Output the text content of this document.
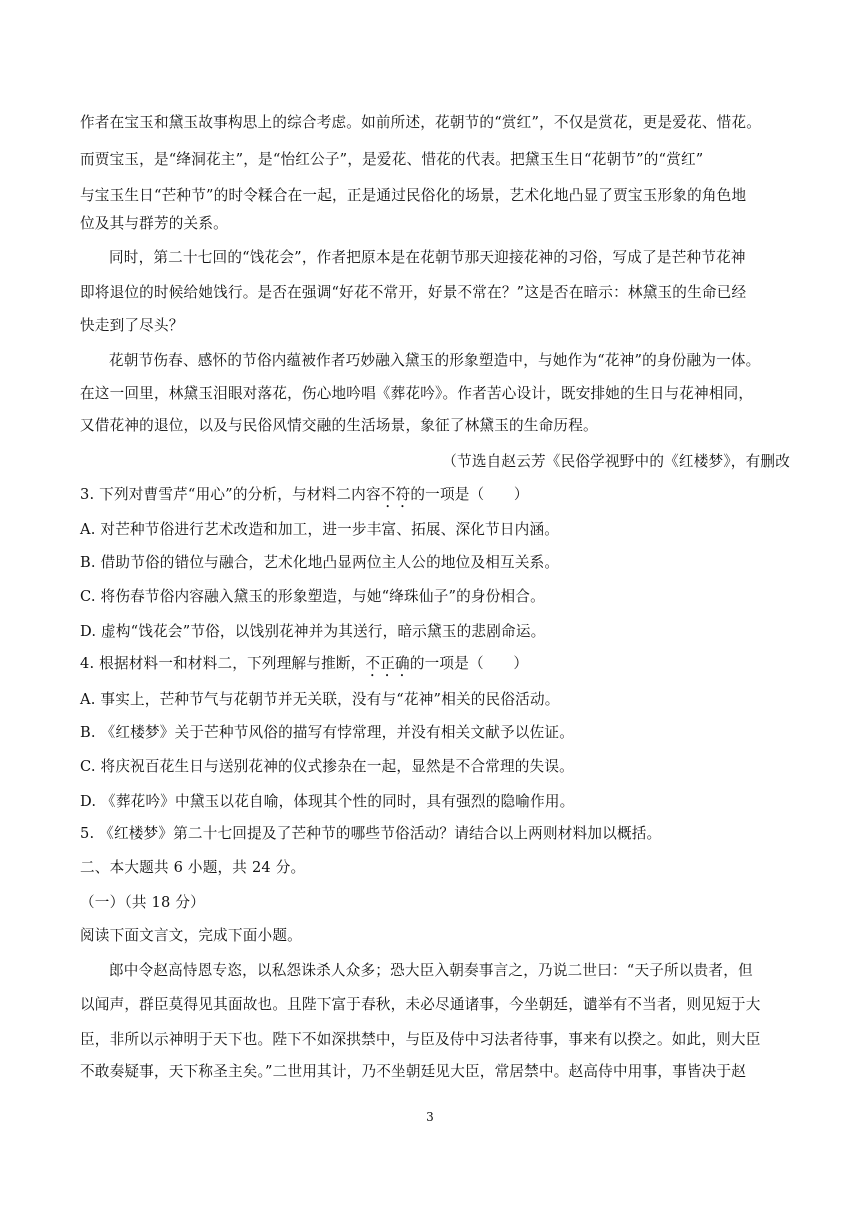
作者在宝玉和黛玉故事构思上的综合考虑。如前所述，花朝节的“赏红”，不仅是赏花，更是爱花、惜花。
而贾宝玉，是“绛洞花主”，是“怡红公子”，是爱花、惜花的代表。把黛玉生日“花朝节”的“赏红”
与宝玉生日“芒种节”的时令糅合在一起，正是通过民俗化的场景，艺术化地凸显了贾宝玉形象的角色地
位及其与群芳的关系。
同时，第二十七回的“饯花会”，作者把原本是在花朝节那天迎接花神的习俗，写成了是芒种节花神
即将退位的时候给她饯行。是否在强调“好花不常开，好景不常在？”这是否在暗示：林黛玉的生命已经
快走到了尽头？
花朝节伤春、感怀的节俗内蕴被作者巧妙融入黛玉的形象塑造中，与她作为“花神”的身份融为一体。
在这一回里，林黛玉泪眼对落花，伤心地吟唱《葬花吟》。作者苦心设计，既安排她的生日与花神相同，
又借花神的退位，以及与民俗风情交融的生活场景，象征了林黛玉的生命历程。
（节选自赵云芳《民俗学视野中的《红楼梦》，有删改
3. 下列对曹雪芹“用心”的分析，与材料二内容不符的一项是（　　）
A. 对芒种节俗进行艺术改造和加工，进一步丰富、拓展、深化节日内涵。
B. 借助节俗的错位与融合，艺术化地凸显两位主人公的地位及相互关系。
C. 将伤春节俗内容融入黛玉的形象塑造，与她“绛珠仙子”的身份相合。
D. 虚构“饯花会”节俗，以饯别花神并为其送行，暗示黛玉的悲剧命运。
4. 根据材料一和材料二，下列理解与推断，不正确的一项是（　　）
A. 事实上，芒种节气与花朝节并无关联，没有与“花神”相关的民俗活动。
B. 《红楼梦》关于芒种节风俗的描写有悖常理，并没有相关文献予以佐证。
C. 将庆祝百花生日与送别花神的仪式掺杂在一起，显然是不合常理的失误。
D. 《葬花吟》中黛玉以花自喻，体现其个性的同时，具有强烈的隐喻作用。
5. 《红楼梦》第二十七回提及了芒种节的哪些节俗活动？请结合以上两则材料加以概括。
二、本大题共 6 小题，共 24 分。
（一）（共 18 分）
阅读下面文言文，完成下面小题。
郎中令赵高恃恩专恣，以私怨诛杀人众多；恐大臣入朝奏事言之，乃说二世曰：“天子所以贵者，但
以闻声，群臣莫得见其面故也。且陛下富于春秋，未必尽通诸事，今坐朝廷，谴举有不当者，则见短于大
臣，非所以示神明于天下也。陛下不如深拱禁中，与臣及侍中习法者待事，事来有以揆之。如此，则大臣
不敢奏疑事，天下称圣主矣。”二世用其计，乃不坐朝廷见大臣，常居禁中。赵高侍中用事，事皆决于赵
3
